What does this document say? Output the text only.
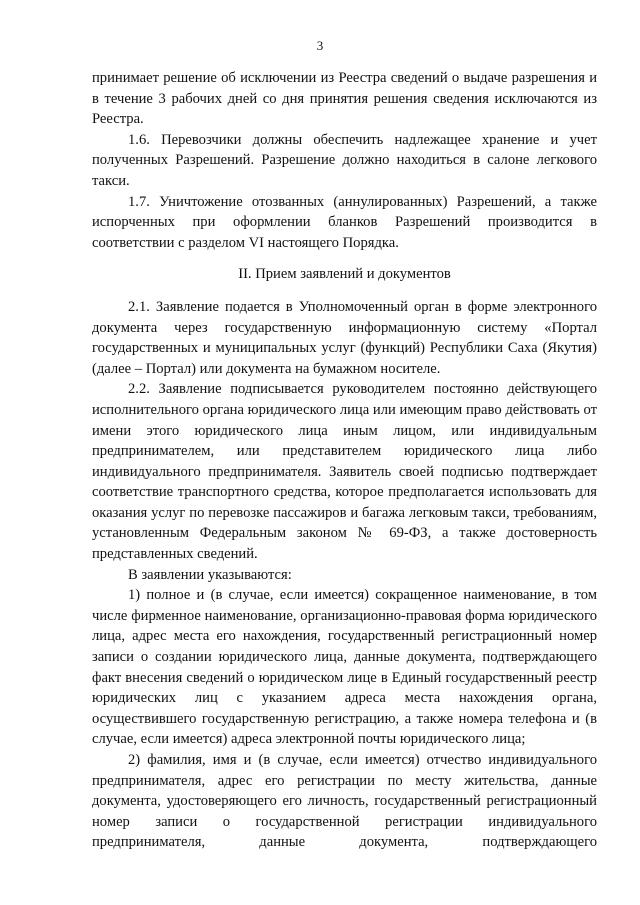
3

принимает решение об исключении из Реестра сведений о выдаче разрешения и в течение 3 рабочих дней со дня принятия решения сведения исключаются из Реестра.

1.6. Перевозчики должны обеспечить надлежащее хранение и учет полученных Разрешений. Разрешение должно находиться в салоне легкового такси.

1.7. Уничтожение отозванных (аннулированных) Разрешений, а также испорченных при оформлении бланков Разрешений производится в соответствии с разделом VI настоящего Порядка.

II. Прием заявлений и документов

2.1. Заявление подается в Уполномоченный орган в форме электронного документа через государственную информационную систему «Портал государственных и муниципальных услуг (функций) Республики Саха (Якутия) (далее – Портал) или документа на бумажном носителе.

2.2. Заявление подписывается руководителем постоянно действующего исполнительного органа юридического лица или имеющим право действовать от имени этого юридического лица иным лицом, или индивидуальным предпринимателем, или представителем юридического лица либо индивидуального предпринимателя. Заявитель своей подписью подтверждает соответствие транспортного средства, которое предполагается использовать для оказания услуг по перевозке пассажиров и багажа легковым такси, требованиям, установленным Федеральным законом № 69-ФЗ, а также достоверность представленных сведений.

В заявлении указываются:

1) полное и (в случае, если имеется) сокращенное наименование, в том числе фирменное наименование, организационно-правовая форма юридического лица, адрес места его нахождения, государственный регистрационный номер записи о создании юридического лица, данные документа, подтверждающего факт внесения сведений о юридическом лице в Единый государственный реестр юридических лиц с указанием адреса места нахождения органа, осуществившего государственную регистрацию, а также номера телефона и (в случае, если имеется) адреса электронной почты юридического лица;

2) фамилия, имя и (в случае, если имеется) отчество индивидуального предпринимателя, адрес его регистрации по месту жительства, данные документа, удостоверяющего его личность, государственный регистрационный номер записи о государственной регистрации индивидуального предпринимателя, данные документа, подтверждающего
